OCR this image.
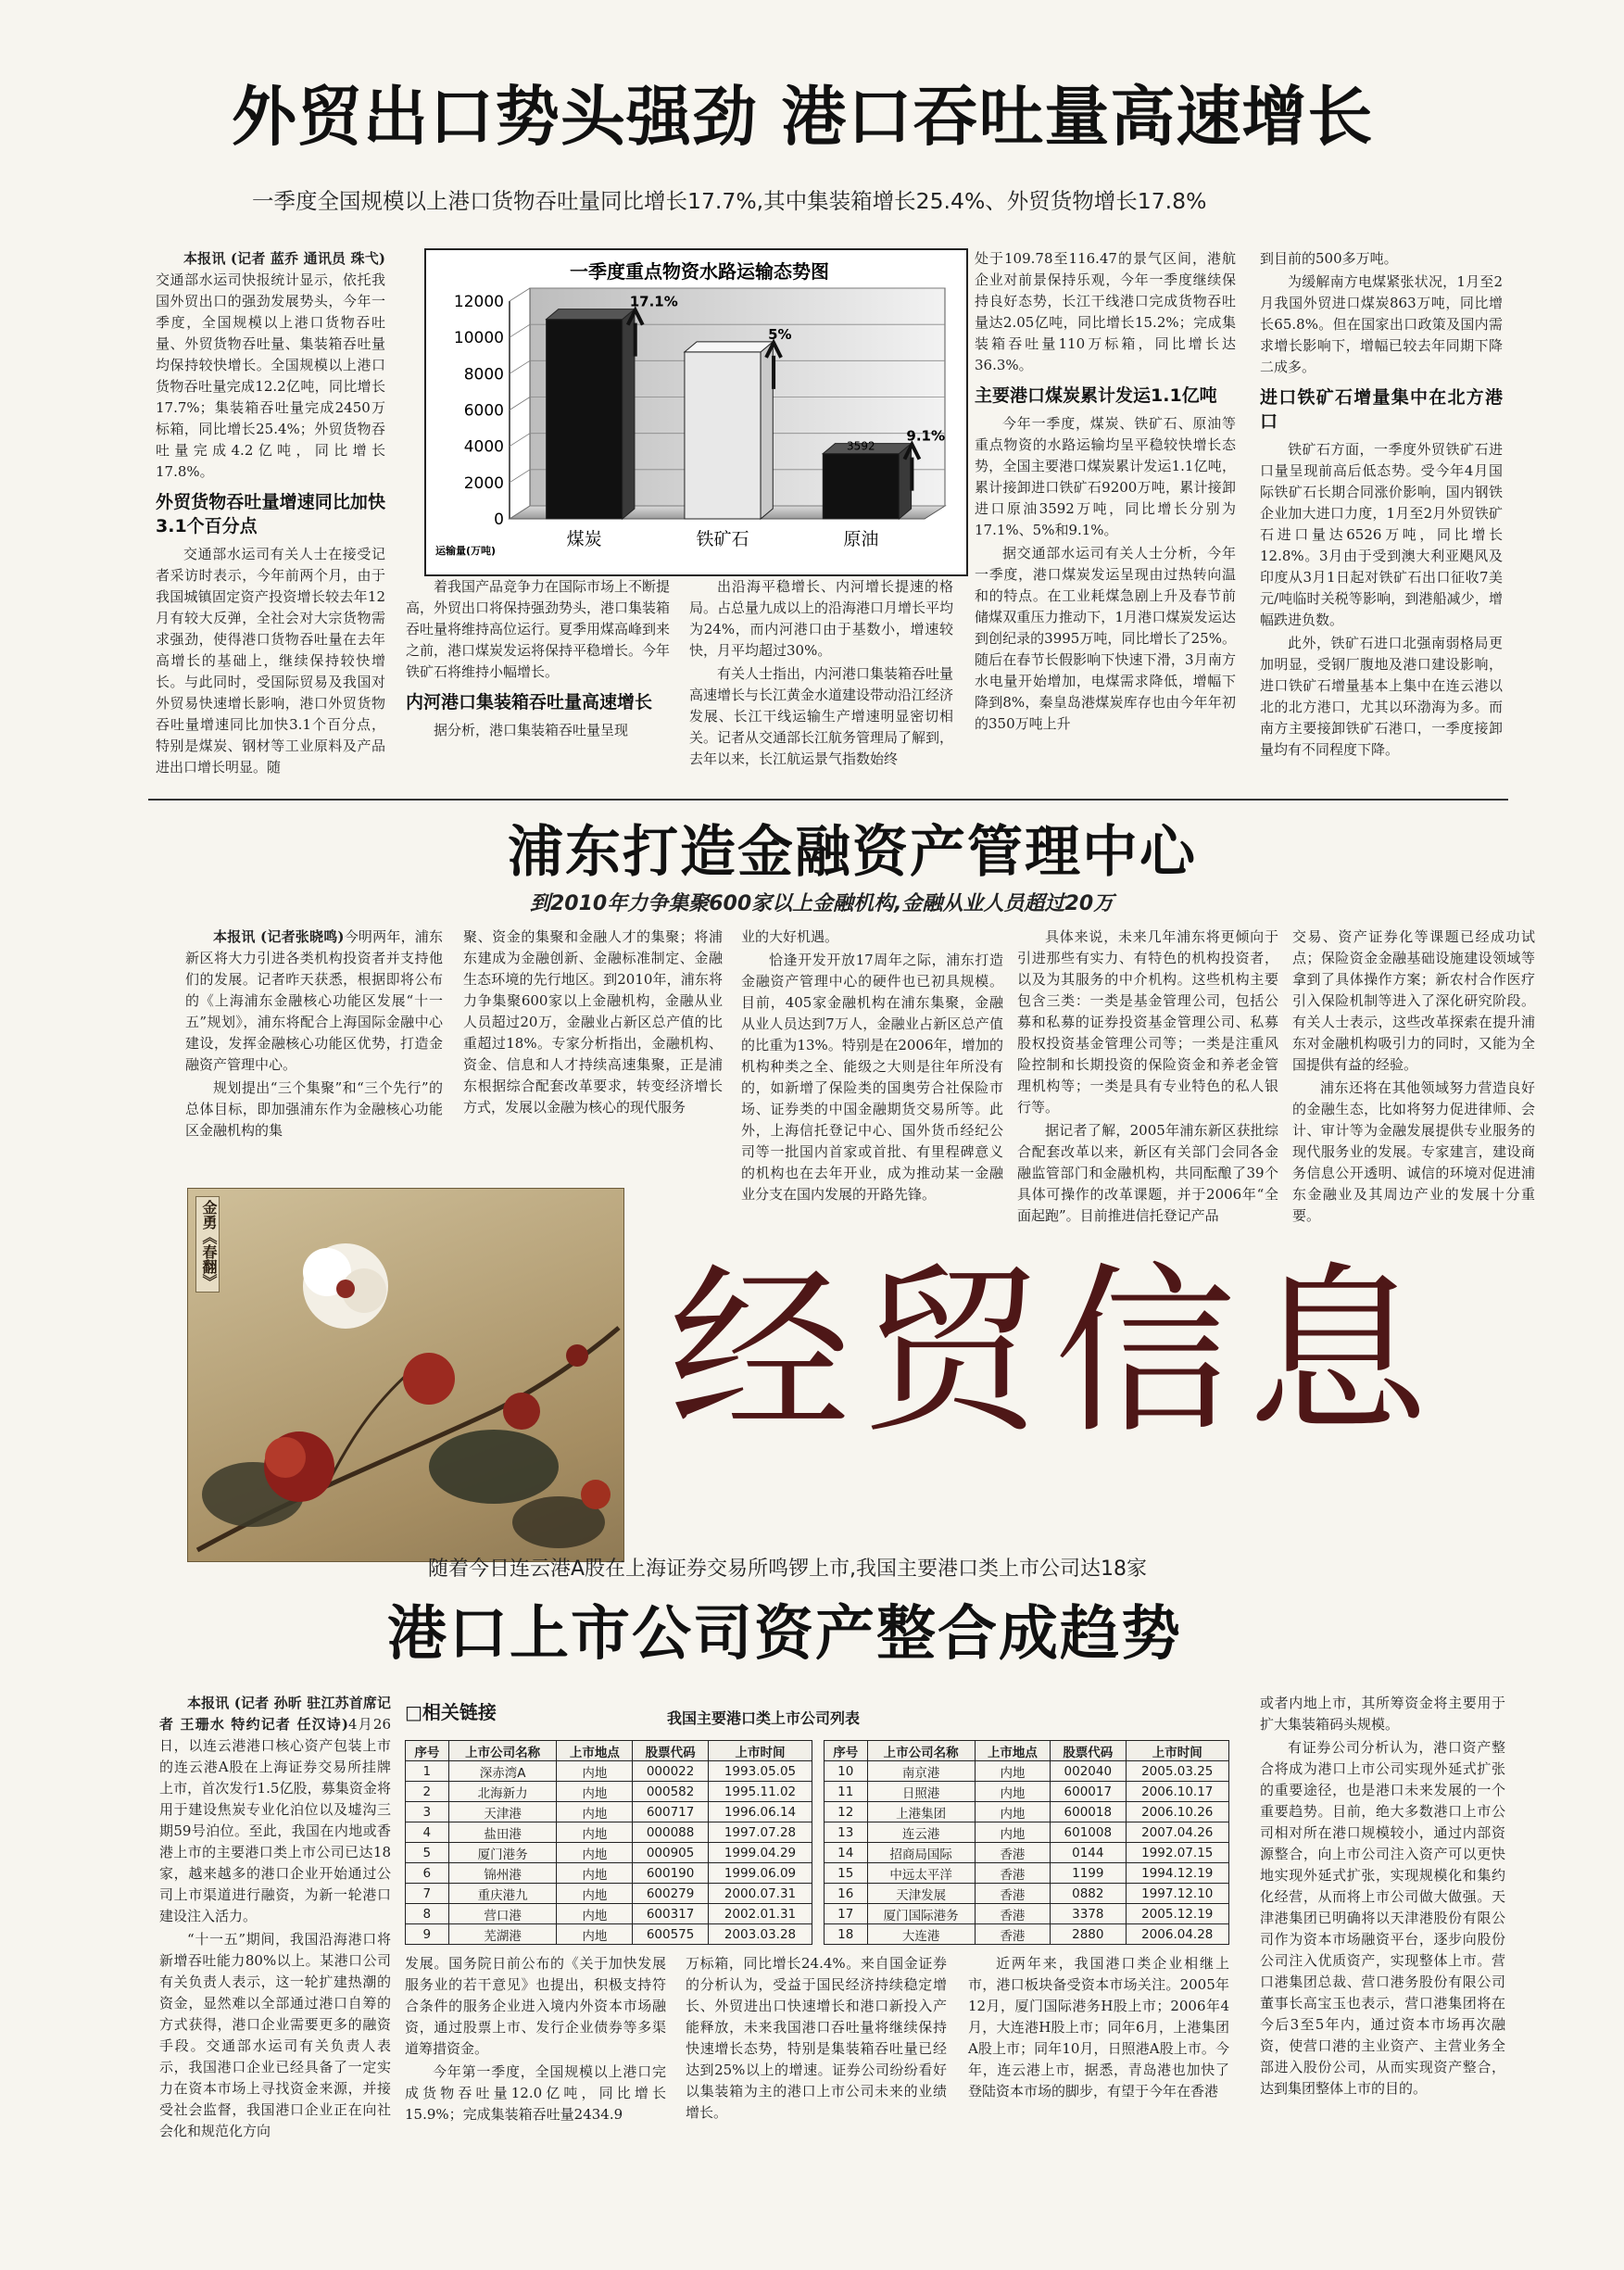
外贸出口势头强劲 港口吞吐量高速增长
一季度全国规模以上港口货物吞吐量同比增长17.7%,其中集装箱增长25.4%、外贸货物增长17.8%

本报讯 (记者 蓝乔 通讯员 珠弋)交通部水运司快报统计显示，依托我国外贸出口的强劲发展势头，今年一季度，全国规模以上港口货物吞吐量、外贸货物吞吐量、集装箱吞吐量均保持较快增长。全国规模以上港口货物吞吐量完成12.2亿吨，同比增长17.7%；集装箱吞吐量完成2450万标箱，同比增长25.4%；外贸货物吞吐量完成4.2亿吨，同比增长17.8%。

外贸货物吞吐量增速同比加快3.1个百分点

交通部水运司有关人士在接受记者采访时表示，今年前两个月，由于我国城镇固定资产投资增长较去年12月有较大反弹，全社会对大宗货物需求强劲，使得港口货物吞吐量在去年高增长的基础上，继续保持较快增长。与此同时，受国际贸易及我国对外贸易快速增长影响，港口外贸货物吞吐量增速同比加快3.1个百分点，特别是煤炭、钢材等工业原料及产品进出口增长明显。随

一季度重点物资水路运输态势图
0
2000
4000
6000
8000
10000
12000	17.1%
煤炭
5%
铁矿石
9.1%
3592
原油
运输量(万吨)

着我国产品竞争力在国际市场上不断提高，外贸出口将保持强劲势头，港口集装箱吞吐量将维持高位运行。夏季用煤高峰到来之前，港口煤炭发运将保持平稳增长。今年铁矿石将维持小幅增长。

内河港口集装箱吞吐量高速增长

据分析，港口集装箱吞吐量呈现

出沿海平稳增长、内河增长提速的格局。占总量九成以上的沿海港口月增长平均为24%，而内河港口由于基数小，增速较快，月平均超过30%。

有关人士指出，内河港口集装箱吞吐量高速增长与长江黄金水道建设带动沿江经济发展、长江干线运输生产增速明显密切相关。记者从交通部长江航务管理局了解到，去年以来，长江航运景气指数始终

处于109.78至116.47的景气区间，港航企业对前景保持乐观，今年一季度继续保持良好态势，长江干线港口完成货物吞吐量达2.05亿吨，同比增长15.2%；完成集装箱吞吐量110万标箱，同比增长达36.3%。

主要港口煤炭累计发运1.1亿吨

今年一季度，煤炭、铁矿石、原油等重点物资的水路运输均呈平稳较快增长态势，全国主要港口煤炭累计发运1.1亿吨，累计接卸进口铁矿石9200万吨，累计接卸进口原油3592万吨，同比增长分别为17.1%、5%和9.1%。

据交通部水运司有关人士分析，今年一季度，港口煤炭发运呈现由过热转向温和的特点。在工业耗煤急剧上升及春节前储煤双重压力推动下，1月港口煤炭发运达到创纪录的3995万吨，同比增长了25%。随后在春节长假影响下快速下滑，3月南方水电量开始增加，电煤需求降低，增幅下降到8%，秦皇岛港煤炭库存也由今年年初的350万吨上升

到目前的500多万吨。

为缓解南方电煤紧张状况，1月至2月我国外贸进口煤炭863万吨，同比增长65.8%。但在国家出口政策及国内需求增长影响下，增幅已较去年同期下降二成多。

进口铁矿石增量集中在北方港口

铁矿石方面，一季度外贸铁矿石进口量呈现前高后低态势。受今年4月国际铁矿石长期合同涨价影响，国内钢铁企业加大进口力度，1月至2月外贸铁矿石进口量达6526万吨，同比增长12.8%。3月由于受到澳大利亚飓风及印度从3月1日起对铁矿石出口征收7美元/吨临时关税等影响，到港船减少，增幅跌进负数。

此外，铁矿石进口北强南弱格局更加明显，受钢厂腹地及港口建设影响，进口铁矿石增量基本上集中在连云港以北的北方港口，尤其以环渤海为多。而南方主要接卸铁矿石港口，一季度接卸量均有不同程度下降。

浦东打造金融资产管理中心
到2010年力争集聚600家以上金融机构,金融从业人员超过20万

本报讯 (记者张晓鸣)今明两年，浦东新区将大力引进各类机构投资者并支持他们的发展。记者昨天获悉，根据即将公布的《上海浦东金融核心功能区发展“十一五”规划》，浦东将配合上海国际金融中心建设，发挥金融核心功能区优势，打造金融资产管理中心。

规划提出“三个集聚”和“三个先行”的总体目标，即加强浦东作为金融核心功能区金融机构的集

聚、资金的集聚和金融人才的集聚；将浦东建成为金融创新、金融标准制定、金融生态环境的先行地区。到2010年，浦东将力争集聚600家以上金融机构，金融从业人员超过20万，金融业占新区总产值的比重超过18%。专家分析指出，金融机构、资金、信息和人才持续高速集聚，正是浦东根据综合配套改革要求，转变经济增长方式，发展以金融为核心的现代服务

业的大好机遇。

恰逢开发开放17周年之际，浦东打造金融资产管理中心的硬件也已初具规模。目前，405家金融机构在浦东集聚，金融从业人员达到7万人，金融业占新区总产值的比重为13%。特别是在2006年，增加的机构种类之全、能级之大则是往年所没有的，如新增了保险类的国奥劳合社保险市场、证券类的中国金融期货交易所等。此外，上海信托登记中心、国外货币经纪公司等一批国内首家或首批、有里程碑意义的机构也在去年开业，成为推动某一金融业分支在国内发展的开路先锋。

具体来说，未来几年浦东将更倾向于引进那些有实力、有特色的机构投资者，以及为其服务的中介机构。这些机构主要包含三类：一类是基金管理公司，包括公募和私募的证券投资基金管理公司、私募股权投资基金管理公司等；一类是注重风险控制和长期投资的保险资金和养老金管理机构等；一类是具有专业特色的私人银行等。

据记者了解，2005年浦东新区获批综合配套改革以来，新区有关部门会同各金融监管部门和金融机构，共同酝酿了39个具体可操作的改革课题，并于2006年“全面起跑”。目前推进信托登记产品

交易、资产证券化等课题已经成功试点；保险资金金融基础设施建设领域等拿到了具体操作方案；新农村合作医疗引入保险机制等进入了深化研究阶段。有关人士表示，这些改革探索在提升浦东对金融机构吸引力的同时，又能为全国提供有益的经验。

浦东还将在其他领域努力营造良好的金融生态，比如将努力促进律师、会计、审计等为金融发展提供专业服务的现代服务业的发展。专家建言，建设商务信息公开透明、诚信的环境对促进浦东金融业及其周边产业的发展十分重要。

金勇《春翻》
经贸信息
随着今日连云港A股在上海证券交易所鸣锣上市,我国主要港口类上市公司达18家
港口上市公司资产整合成趋势

本报讯 (记者 孙昕 驻江苏首席记者 王珊水 特约记者 任汉诗)4月26日，以连云港港口核心资产包装上市的连云港A股在上海证券交易所挂牌上市，首次发行1.5亿股，募集资金将用于建设焦炭专业化泊位以及墟沟三期59号泊位。至此，我国在内地或香港上市的主要港口类上市公司已达18家，越来越多的港口企业开始通过公司上市渠道进行融资，为新一轮港口建设注入活力。

“十一五”期间，我国沿海港口将新增吞吐能力80%以上。某港口公司有关负责人表示，这一轮扩建热潮的资金，显然难以全部通过港口自筹的方式获得，港口企业需要更多的融资手段。交通部水运司有关负责人表示，我国港口企业已经具备了一定实力在资本市场上寻找资金来源，并接受社会监督，我国港口企业正在向社会化和规范化方向

□相关链接	我国主要港口类上市公司列表
序号	上市公司名称	上市地点	股票代码	上市时间
1	深赤湾A	内地	000022	1993.05.05
2	北海新力	内地	000582	1995.11.02
3	天津港	内地	600717	1996.06.14
4	盐田港	内地	000088	1997.07.28
5	厦门港务	内地	000905	1999.04.29
6	锦州港	内地	600190	1999.06.09
7	重庆港九	内地	600279	2000.07.31
8	营口港	内地	600317	2002.01.31
9	芜湖港	内地	600575	2003.03.28
序号	上市公司名称	上市地点	股票代码	上市时间
10	南京港	内地	002040	2005.03.25
11	日照港	内地	600017	2006.10.17
12	上港集团	内地	600018	2006.10.26
13	连云港	内地	601008	2007.04.26
14	招商局国际	香港	0144	1992.07.15
15	中远太平洋	香港	1199	1994.12.19
16	天津发展	香港	0882	1997.12.10
17	厦门国际港务	香港	3378	2005.12.19
18	大连港	香港	2880	2006.04.28

发展。国务院日前公布的《关于加快发展服务业的若干意见》也提出，积极支持符合条件的服务企业进入境内外资本市场融资，通过股票上市、发行企业债券等多渠道筹措资金。

今年第一季度，全国规模以上港口完成货物吞吐量12.0亿吨，同比增长15.9%；完成集装箱吞吐量2434.9

万标箱，同比增长24.4%。来自国金证券的分析认为，受益于国民经济持续稳定增长、外贸进出口快速增长和港口新投入产能释放，未来我国港口吞吐量将继续保持快速增长态势，特别是集装箱吞吐量已经达到25%以上的增速。证券公司纷纷看好以集装箱为主的港口上市公司未来的业绩增长。

近两年来，我国港口类企业相继上市，港口板块备受资本市场关注。2005年12月，厦门国际港务H股上市；2006年4月，大连港H股上市；同年6月，上港集团A股上市；同年10月，日照港A股上市。今年，连云港上市，据悉，青岛港也加快了登陆资本市场的脚步，有望于今年在香港

或者内地上市，其所筹资金将主要用于扩大集装箱码头规模。

有证券公司分析认为，港口资产整合将成为港口上市公司实现外延式扩张的重要途径，也是港口未来发展的一个重要趋势。目前，绝大多数港口上市公司相对所在港口规模较小，通过内部资源整合，向上市公司注入资产可以更快地实现外延式扩张，实现规模化和集约化经营，从而将上市公司做大做强。天津港集团已明确将以天津港股份有限公司作为资本市场融资平台，逐步向股份公司注入优质资产，实现整体上市。营口港集团总裁、营口港务股份有限公司董事长高宝玉也表示，营口港集团将在今后3至5年内，通过资本市场再次融资，使营口港的主业资产、主营业务全部进入股份公司，从而实现资产整合，达到集团整体上市的目的。
